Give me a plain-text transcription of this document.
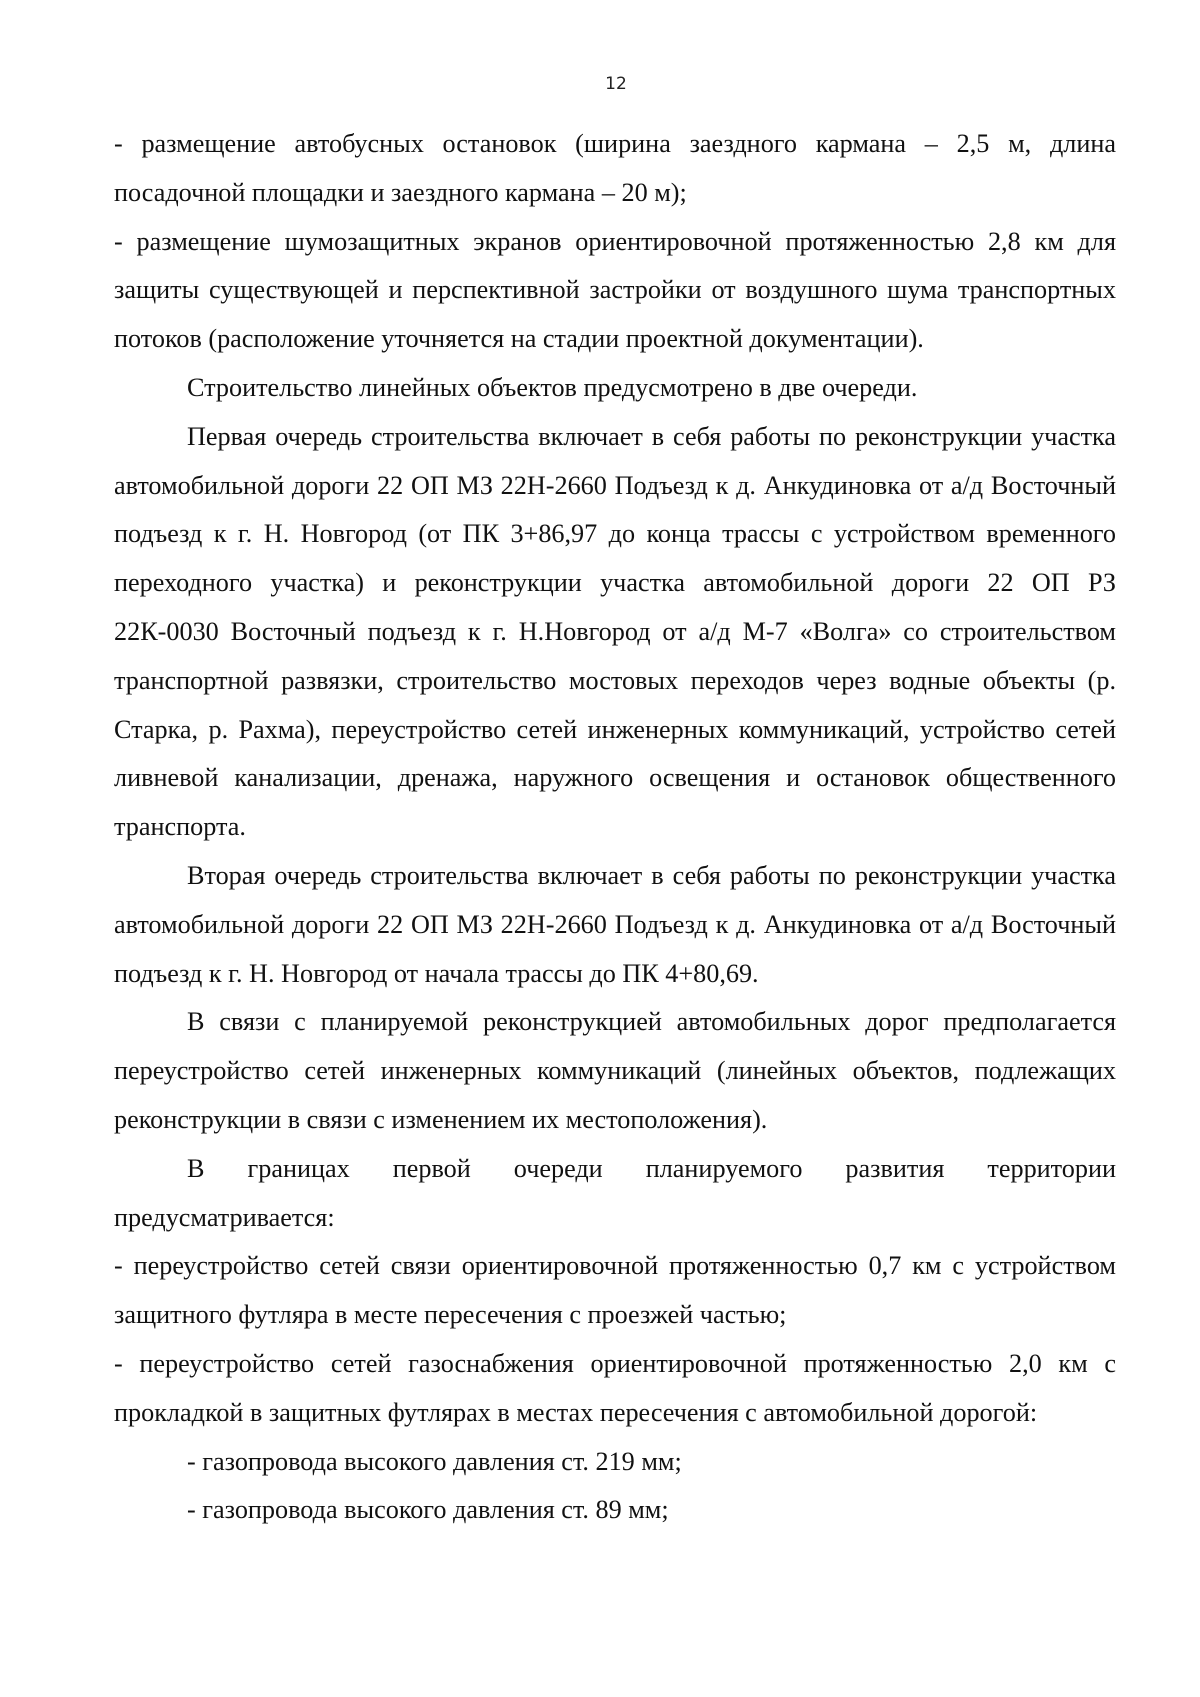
12

- размещение автобусных остановок (ширина заездного кармана – 2,5 м, длина посадочной площадки и заездного кармана – 20 м);

- размещение шумозащитных экранов ориентировочной протяженностью 2,8 км для защиты существующей и перспективной застройки от воздушного шума транспортных потоков (расположение уточняется на стадии проектной документации).

Строительство линейных объектов предусмотрено в две очереди.

Первая очередь строительства включает в себя работы по реконструкции участка автомобильной дороги 22 ОП МЗ 22Н-2660 Подъезд к д. Анкудиновка от а/д Восточный подъезд к г. Н. Новгород (от ПК 3+86,97 до конца трассы с устройством временного переходного участка) и реконструкции участка автомобильной дороги 22 ОП РЗ 22К-0030 Восточный подъезд к г. Н.Новгород от а/д М-7 «Волга» со строительством транспортной развязки, строительство мостовых переходов через водные объекты (р. Старка, р. Рахма), переустройство сетей инженерных коммуникаций, устройство сетей ливневой канализации, дренажа, наружного освещения и остановок общественного транспорта.

Вторая очередь строительства включает в себя работы по реконструкции участка автомобильной дороги 22 ОП МЗ 22Н-2660 Подъезд к д. Анкудиновка от а/д Восточный подъезд к г. Н. Новгород от начала трассы до ПК 4+80,69.

В связи с планируемой реконструкцией автомобильных дорог предполагается переустройство сетей инженерных коммуникаций (линейных объектов, подлежащих реконструкции в связи с изменением их местоположения).

В границах первой очереди планируемого развития территории предусматривается:

- переустройство сетей связи ориентировочной протяженностью 0,7 км с устройством защитного футляра в месте пересечения с проезжей частью;

- переустройство сетей газоснабжения ориентировочной протяженностью 2,0 км с прокладкой в защитных футлярах в местах пересечения с автомобильной дорогой:

- газопровода высокого давления ст. 219 мм;

- газопровода высокого давления ст. 89 мм;
